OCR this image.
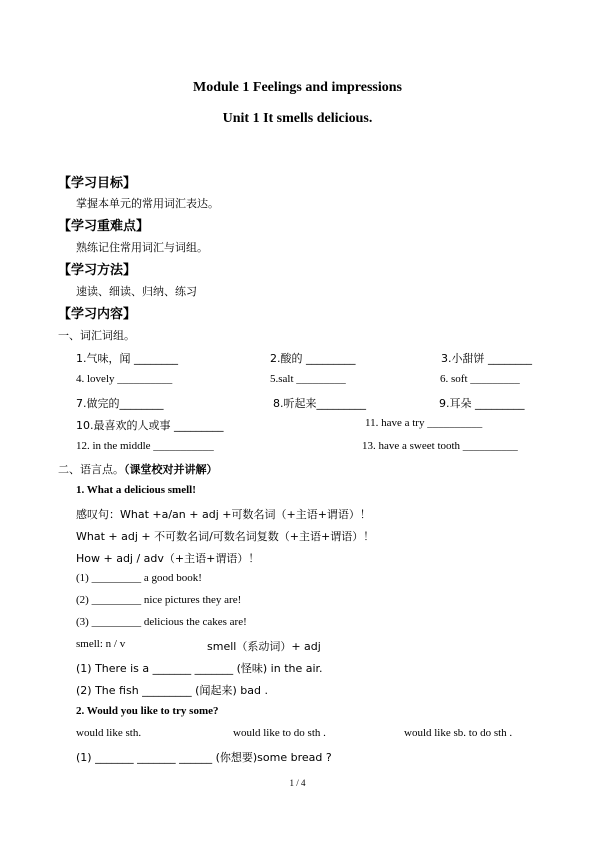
Module 1 Feelings and impressions
Unit 1 It smells delicious.
【学习目标】
掌握本单元的常用词汇表达。
【学习重难点】
熟练记住常用词汇与词组。
【学习方法】
速读、细读、归纳、练习
【学习内容】
一、词汇词组。
1.气味，闻 ________	2.酸的 _________	3.小甜饼 ________
4. lovely __________	5.salt _________	6. soft _________
7.做完的________	8.听起来_________	9.耳朵 _________
10.最喜欢的人或事 _________	11. have a try __________
12. in the middle ___________	13. have a sweet tooth __________
二、语言点。（课堂校对并讲解）
1. What a delicious smell!
感叹句：What +a/an + adj +可数名词（+主语+谓语）！
What + adj + 不可数名词/可数名词复数（+主语+谓语）！
How + adj / adv（+主语+谓语）！
(1) _________ a good book!
(2) _________ nice pictures they are!
(3) _________ delicious the cakes are!
smell: n / v	smell（系动词）+ adj
(1) There is a _______ _______ (怪味) in the air.
(2) The fish _________ (闻起来) bad .
2. Would you like to try some?
would like sth.	would like to do sth .	would like sb. to do sth .
(1) _______ _______ ______ (你想要)some bread ?
1 / 4
